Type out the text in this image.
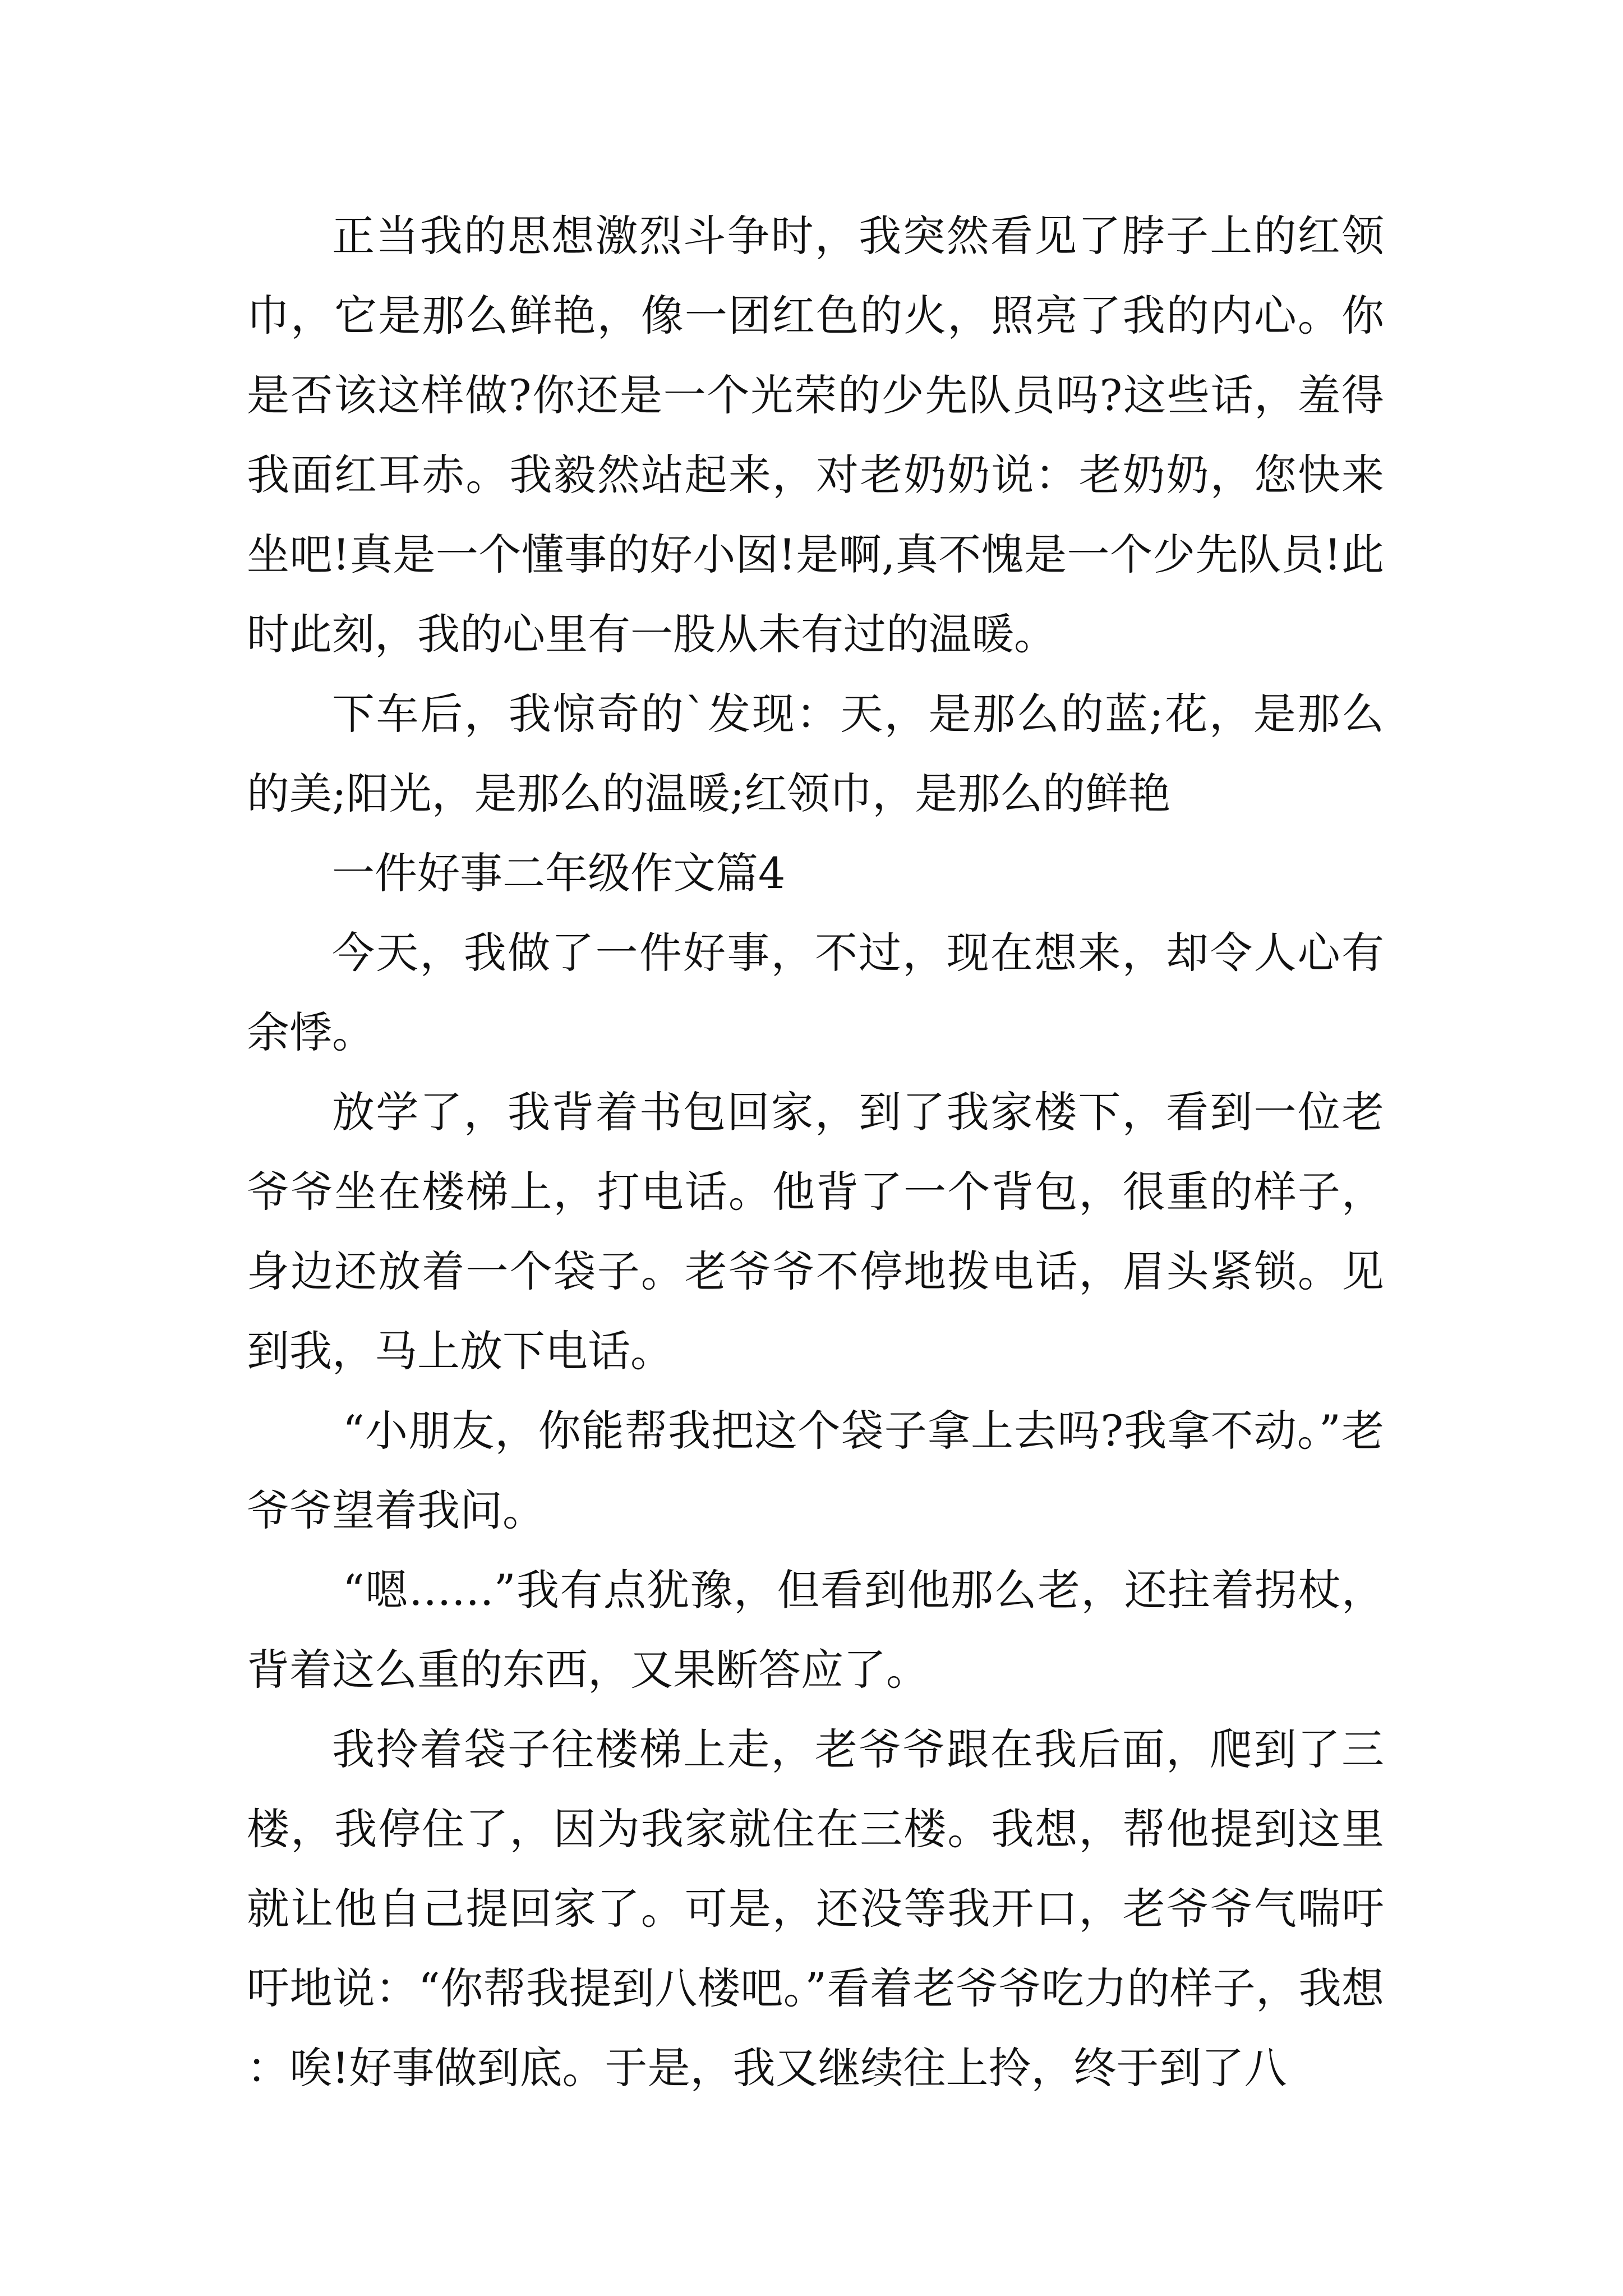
正当我的思想激烈斗争时，我突然看见了脖子上的红领巾，它是那么鲜艳，像一团红色的火，照亮了我的内心。你是否该这样做?你还是一个光荣的少先队员吗?这些话，羞得我面红耳赤。我毅然站起来，对老奶奶说：老奶奶，您快来坐吧!真是一个懂事的好小囡!是啊,真不愧是一个少先队员!此时此刻，我的心里有一股从未有过的温暖。

下车后，我惊奇的`发现：天，是那么的蓝;花，是那么的美;阳光，是那么的温暖;红领巾，是那么的鲜艳

一件好事二年级作文篇4

今天，我做了一件好事，不过，现在想来，却令人心有余悸。

放学了，我背着书包回家，到了我家楼下，看到一位老爷爷坐在楼梯上，打电话。他背了一个背包，很重的样子，身边还放着一个袋子。老爷爷不停地拨电话，眉头紧锁。见到我，马上放下电话。

“小朋友，你能帮我把这个袋子拿上去吗?我拿不动。”老爷爷望着我问。

“嗯……”我有点犹豫，但看到他那么老，还拄着拐杖，背着这么重的东西，又果断答应了。

我拎着袋子往楼梯上走，老爷爷跟在我后面，爬到了三楼，我停住了，因为我家就住在三楼。我想，帮他提到这里就让他自己提回家了。可是，还没等我开口，老爷爷气喘吁吁地说：“你帮我提到八楼吧。”看着老爷爷吃力的样子，我想：唉!好事做到底。于是，我又继续往上拎，终于到了八
